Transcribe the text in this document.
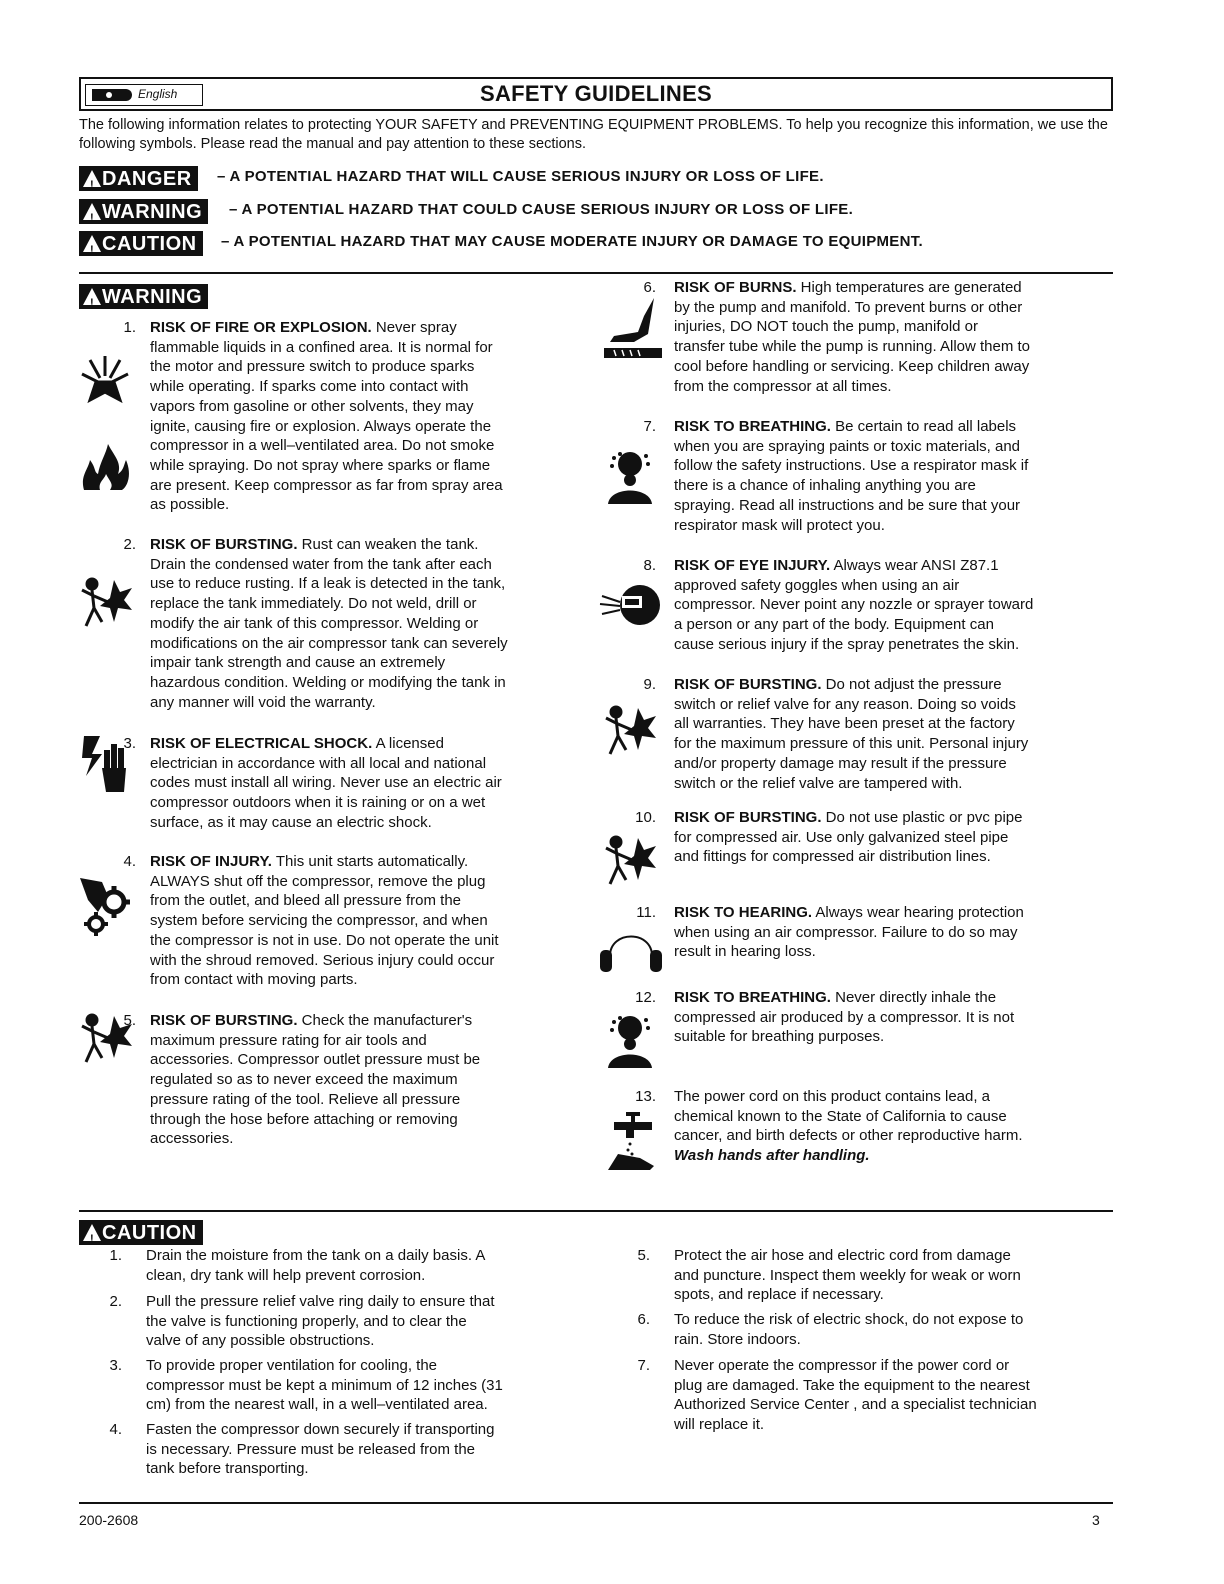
English	SAFETY GUIDELINES
The following information relates to protecting YOUR SAFETY and PREVENTING EQUIPMENT PROBLEMS. To help you recognize this information, we use the following symbols. Please read the manual and pay attention to these sections.
!DANGER	– A POTENTIAL HAZARD THAT WILL CAUSE SERIOUS INJURY OR LOSS OF LIFE.
!WARNING	– A POTENTIAL HAZARD THAT COULD CAUSE SERIOUS INJURY OR LOSS OF LIFE.
!CAUTION	– A POTENTIAL HAZARD THAT MAY CAUSE MODERATE INJURY OR DAMAGE TO EQUIPMENT.
!WARNING
1. RISK OF FIRE OR EXPLOSION. Never spray
flammable liquids in a confined area. It is normal for
the motor and pressure switch to produce sparks
while operating. If sparks come into contact with
vapors from gasoline or other solvents, they may
ignite, causing fire or explosion. Always operate the
compressor in a well–ventilated area. Do not smoke
while spraying. Do not spray where sparks or flame
are present. Keep compressor as far from spray area
as possible.
2. RISK OF BURSTING. Rust can weaken the tank.
Drain the condensed water from the tank after each
use to reduce rusting. If a leak is detected in the tank,
replace the tank immediately. Do not weld, drill or
modify the air tank of this compressor. Welding or
modifications on the air compressor tank can severely
impair tank strength and cause an extremely
hazardous condition. Welding or modifying the tank in
any manner will void the warranty.
3. RISK OF ELECTRICAL SHOCK. A licensed
electrician in accordance with all local and national
codes must install all wiring. Never use an electric air
compressor outdoors when it is raining or on a wet
surface, as it may cause an electric shock.
4. RISK OF INJURY. This unit starts automatically.
ALWAYS shut off the compressor, remove the plug
from the outlet, and bleed all pressure from the
system before servicing the compressor, and when
the compressor is not in use. Do not operate the unit
with the shroud removed. Serious injury could occur
from contact with moving parts.
5. RISK OF BURSTING. Check the manufacturer's
maximum pressure rating for air tools and
accessories. Compressor outlet pressure must be
regulated so as to never exceed the maximum
pressure rating of the tool. Relieve all pressure
through the hose before attaching or removing
accessories.
6. RISK OF BURNS. High temperatures are generated
by the pump and manifold. To prevent burns or other
injuries, DO NOT touch the pump, manifold or
transfer tube while the pump is running. Allow them to
cool before handling or servicing. Keep children away
from the compressor at all times.
7. RISK TO BREATHING. Be certain to read all labels
when you are spraying paints or toxic materials, and
follow the safety instructions. Use a respirator mask if
there is a chance of inhaling anything you are
spraying. Read all instructions and be sure that your
respirator mask will protect you.
8. RISK OF EYE INJURY. Always wear ANSI Z87.1
approved safety goggles when using an air
compressor. Never point any nozzle or sprayer toward
a person or any part of the body. Equipment can
cause serious injury if the spray penetrates the skin.
9. RISK OF BURSTING. Do not adjust the pressure
switch or relief valve for any reason. Doing so voids
all warranties. They have been preset at the factory
for the maximum pressure of this unit. Personal injury
and/or property damage may result if the pressure
switch or the relief valve are tampered with.
10. RISK OF BURSTING. Do not use plastic or pvc pipe
for compressed air. Use only galvanized steel pipe
and fittings for compressed air distribution lines.
11. RISK TO HEARING. Always wear hearing protection
when using an air compressor. Failure to do so may
result in hearing loss.
12. RISK TO BREATHING. Never directly inhale the
compressed air produced by a compressor. It is not
suitable for breathing purposes.
13. The power cord on this product contains lead, a
chemical known to the State of California to cause
cancer, and birth defects or other reproductive harm.
Wash hands after handling.
!CAUTION
1. Drain the moisture from the tank on a daily basis. A
clean, dry tank will help prevent corrosion.
2. Pull the pressure relief valve ring daily to ensure that
the valve is functioning properly, and to clear the
valve of any possible obstructions.
3. To provide proper ventilation for cooling, the
compressor must be kept a minimum of 12 inches (31
cm) from the nearest wall, in a well–ventilated area.
4. Fasten the compressor down securely if transporting
is necessary. Pressure must be released from the
tank before transporting.
5. Protect the air hose and electric cord from damage
and puncture. Inspect them weekly for weak or worn
spots, and replace if necessary.
6. To reduce the risk of electric shock, do not expose to
rain. Store indoors.
7. Never operate the compressor if the power cord or
plug are damaged. Take the equipment to the nearest
Authorized Service Center , and a specialist technician
will replace it.
200-2608	3
